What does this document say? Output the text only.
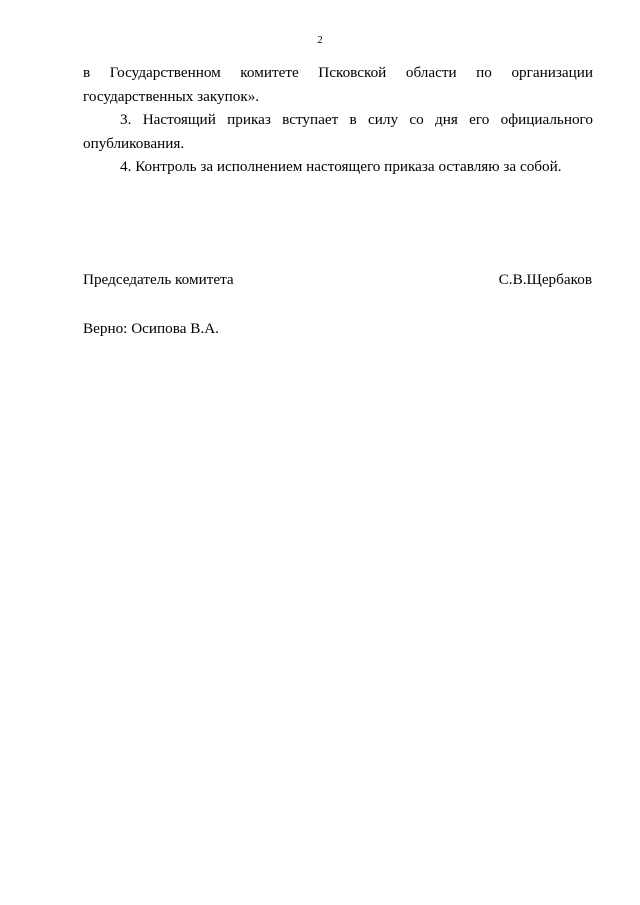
2

в Государственном комитете Псковской области по организации государственных закупок».

3. Настоящий приказ вступает в силу со дня его официального опубликования.

4. Контроль за исполнением настоящего приказа оставляю за собой.

Председатель комитета	С.В.Щербаков
Верно: Осипова В.А.
